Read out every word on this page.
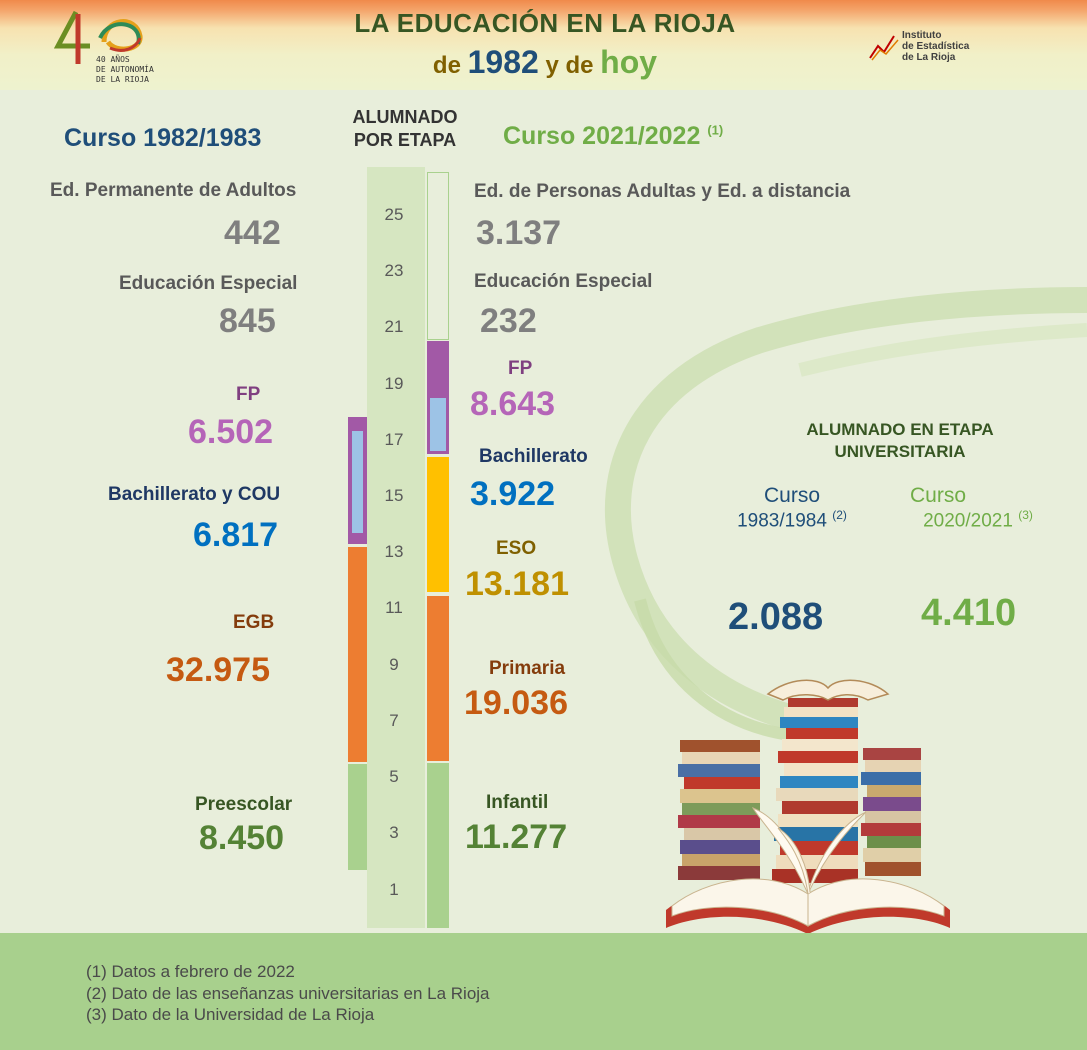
40 AÑOS
DE AUTONOMÍA
DE LA RIOJA
LA EDUCACIÓN EN LA RIOJA
de 1982 y de hoy
Instituto
de Estadística
de La Rioja
ALUMNADO
POR ETAPA
25
23
21
19
17
15
13
11
9
7
5
3
1
Curso 1982/1983
Ed. Permanente de Adultos
442
Educación Especial
845
FP
6.502
Bachillerato y COU
6.817
EGB
32.975
Preescolar
8.450
Curso 2021/2022 $^{(1)}$
Ed. de Personas Adultas y Ed. a distancia
3.137
Educación Especial
232
FP
8.643
Bachillerato
3.922
ESO
13.181
Primaria
19.036
Infantil
11.277
ALUMNADO EN ETAPA
UNIVERSITARIA
Curso
1983/1984 $^{(2)}$
2.088
Curso
2020/2021 $^{(3)}$
4.410
(1) Datos a febrero de 2022
(2) Dato de las enseñanzas universitarias en La Rioja
(3) Dato de la Universidad de La Rioja
